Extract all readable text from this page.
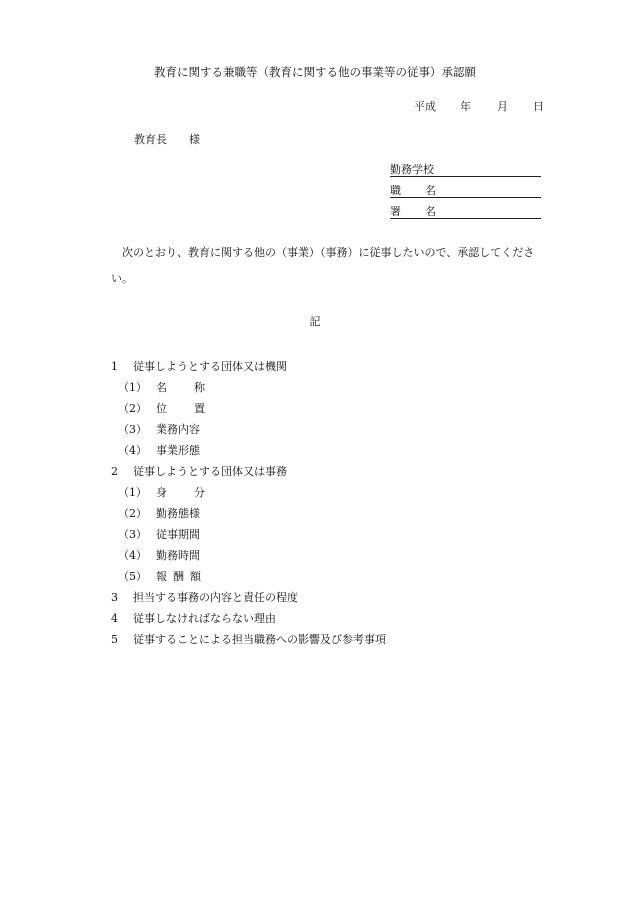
教育に関する兼職等（教育に関する他の事業等の従事）承認願
平成 年 月 日
教育長 様
勤務学校
職名
署名
次のとおり、教育に関する他の（事業）（事務）に従事したいので、承認してくださ
い。
記
1 従事しようとする団体又は機関
（1） 名 称
（2） 位 置
（3） 業務内容
（4） 事業形態
2 従事しようとする団体又は事務
（1） 身 分
（2） 勤務態様
（3） 従事期間
（4） 勤務時間
（5） 報 酬 額
3 担当する事務の内容と責任の程度
4 従事しなければならない理由
5 従事することによる担当職務への影響及び参考事項
